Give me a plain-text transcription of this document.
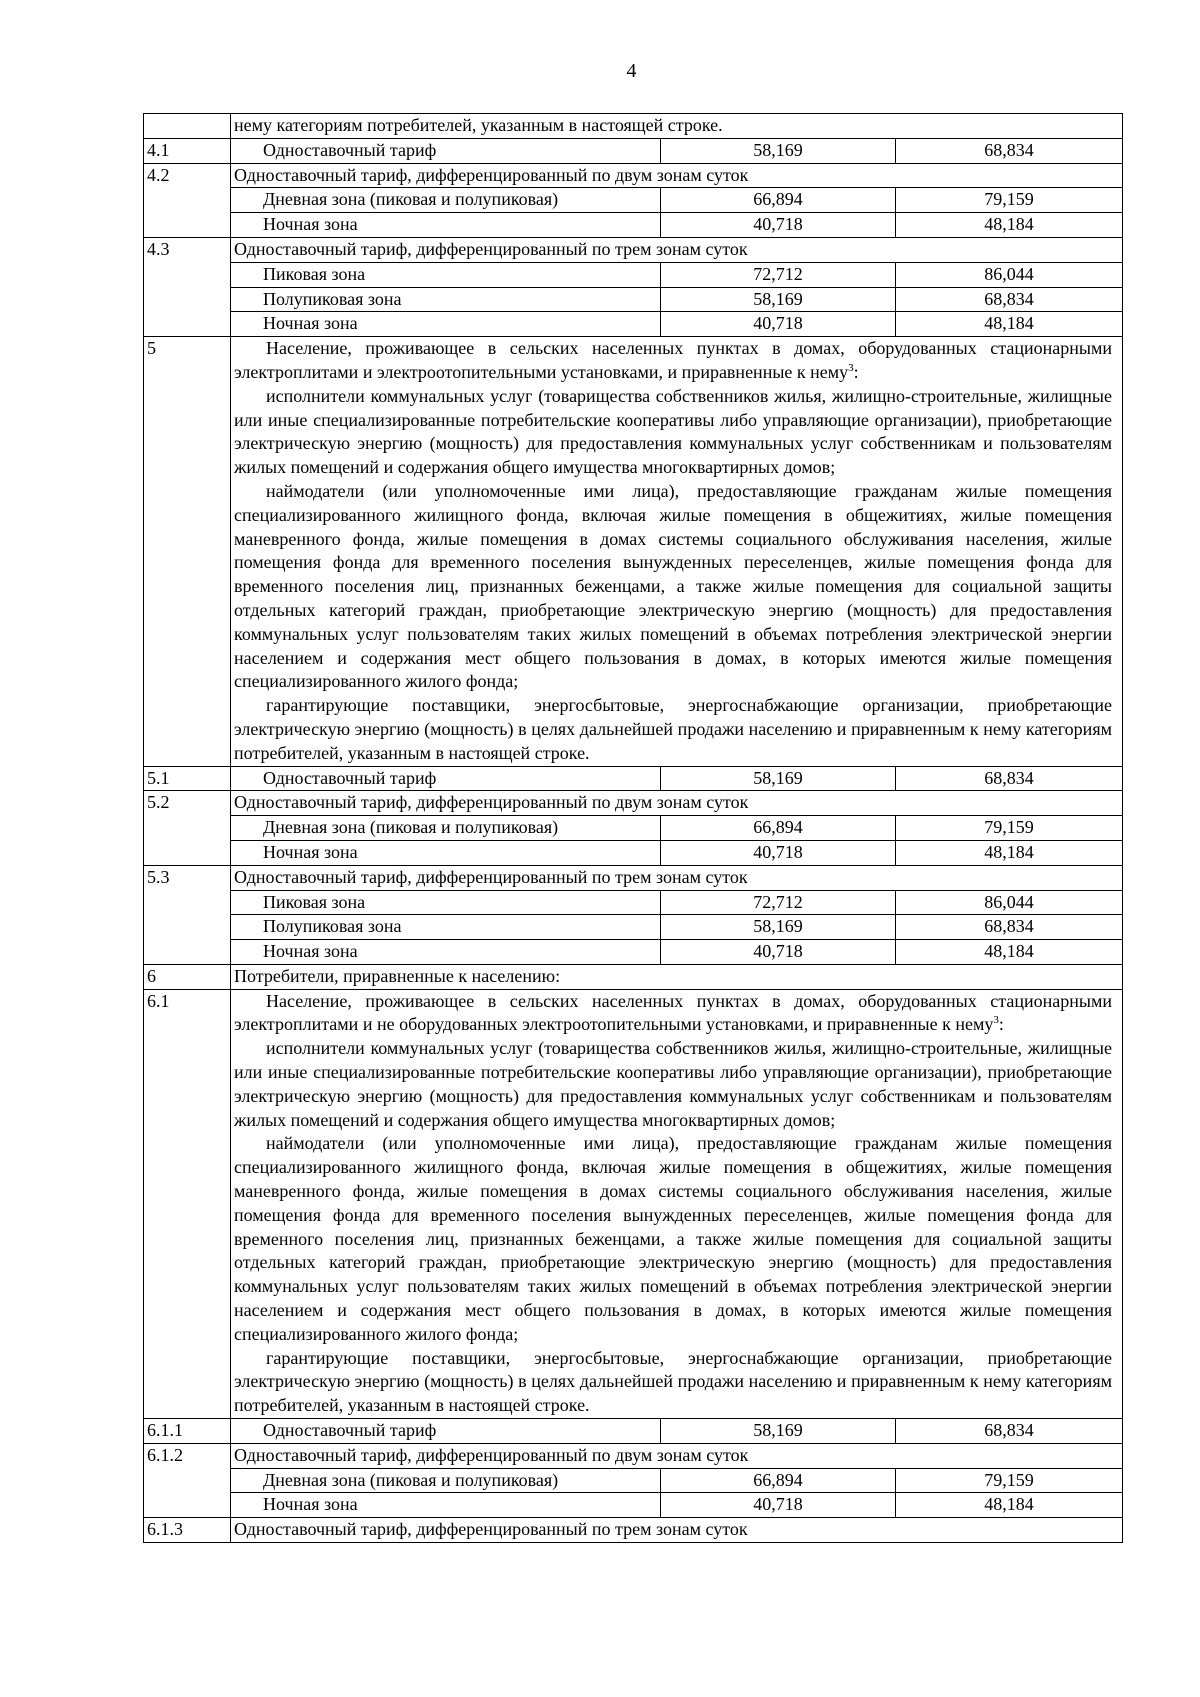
4
	нему категориям потребителей, указанным в настоящей строке.		
4.1	Одноставочный тариф	58,169	68,834
4.2	Одноставочный тариф, дифференцированный по двум зонам суток		
	Дневная зона (пиковая и полупиковая)	66,894	79,159
	Ночная зона	40,718	48,184
4.3	Одноставочный тариф, дифференцированный по трем зонам суток		
	Пиковая зона	72,712	86,044
	Полупиковая зона	58,169	68,834
	Ночная зона	40,718	48,184
5	Население, проживающее в сельских населенных пунктах в домах, оборудованных стационарными электроплитами и электроотопительными установками, и приравненные к нему$^3$:

исполнители коммунальных услуг (товарищества собственников жилья, жилищно-строительные, жилищные или иные специализированные потребительские кооперативы либо управляющие организации), приобретающие электрическую энергию (мощность) для предоставления коммунальных услуг собственникам и пользователям жилых помещений и содержания общего имущества многоквартирных домов;

наймодатели (или уполномоченные ими лица), предоставляющие гражданам жилые помещения специализированного жилищного фонда, включая жилые помещения в общежитиях, жилые помещения маневренного фонда, жилые помещения в домах системы социального обслуживания населения, жилые помещения фонда для временного поселения вынужденных переселенцев, жилые помещения фонда для временного поселения лиц, признанных беженцами, а также жилые помещения для социальной защиты отдельных категорий граждан, приобретающие электрическую энергию (мощность) для предоставления коммунальных услуг пользователям таких жилых помещений в объемах потребления электрической энергии населением и содержания мест общего пользования в домах, в которых имеются жилые помещения специализированного жилого фонда;

гарантирующие поставщики, энергосбытовые, энергоснабжающие организации, приобретающие электрическую энергию (мощность) в целях дальнейшей продажи населению и приравненным к нему категориям потребителей, указанным в настоящей строке.		

5.1	Одноставочный тариф	58,169	68,834
5.2	Одноставочный тариф, дифференцированный по двум зонам суток		
	Дневная зона (пиковая и полупиковая)	66,894	79,159
	Ночная зона	40,718	48,184
5.3	Одноставочный тариф, дифференцированный по трем зонам суток		
	Пиковая зона	72,712	86,044
	Полупиковая зона	58,169	68,834
	Ночная зона	40,718	48,184
6	Потребители, приравненные к населению:		
6.1	Население, проживающее в сельских населенных пунктах в домах, оборудованных стационарными электроплитами и не оборудованных электроотопительными установками, и приравненные к нему$^3$:

исполнители коммунальных услуг (товарищества собственников жилья, жилищно-строительные, жилищные или иные специализированные потребительские кооперативы либо управляющие организации), приобретающие электрическую энергию (мощность) для предоставления коммунальных услуг собственникам и пользователям жилых помещений и содержания общего имущества многоквартирных домов;

наймодатели (или уполномоченные ими лица), предоставляющие гражданам жилые помещения специализированного жилищного фонда, включая жилые помещения в общежитиях, жилые помещения маневренного фонда, жилые помещения в домах системы социального обслуживания населения, жилые помещения фонда для временного поселения вынужденных переселенцев, жилые помещения фонда для временного поселения лиц, признанных беженцами, а также жилые помещения для социальной защиты отдельных категорий граждан, приобретающие электрическую энергию (мощность) для предоставления коммунальных услуг пользователям таких жилых помещений в объемах потребления электрической энергии населением и содержания мест общего пользования в домах, в которых имеются жилые помещения специализированного жилого фонда;

гарантирующие поставщики, энергосбытовые, энергоснабжающие организации, приобретающие электрическую энергию (мощность) в целях дальнейшей продажи населению и приравненным к нему категориям потребителей, указанным в настоящей строке.		

6.1.1	Одноставочный тариф	58,169	68,834
6.1.2	Одноставочный тариф, дифференцированный по двум зонам суток		
	Дневная зона (пиковая и полупиковая)	66,894	79,159
	Ночная зона	40,718	48,184
6.1.3	Одноставочный тариф, дифференцированный по трем зонам суток		
